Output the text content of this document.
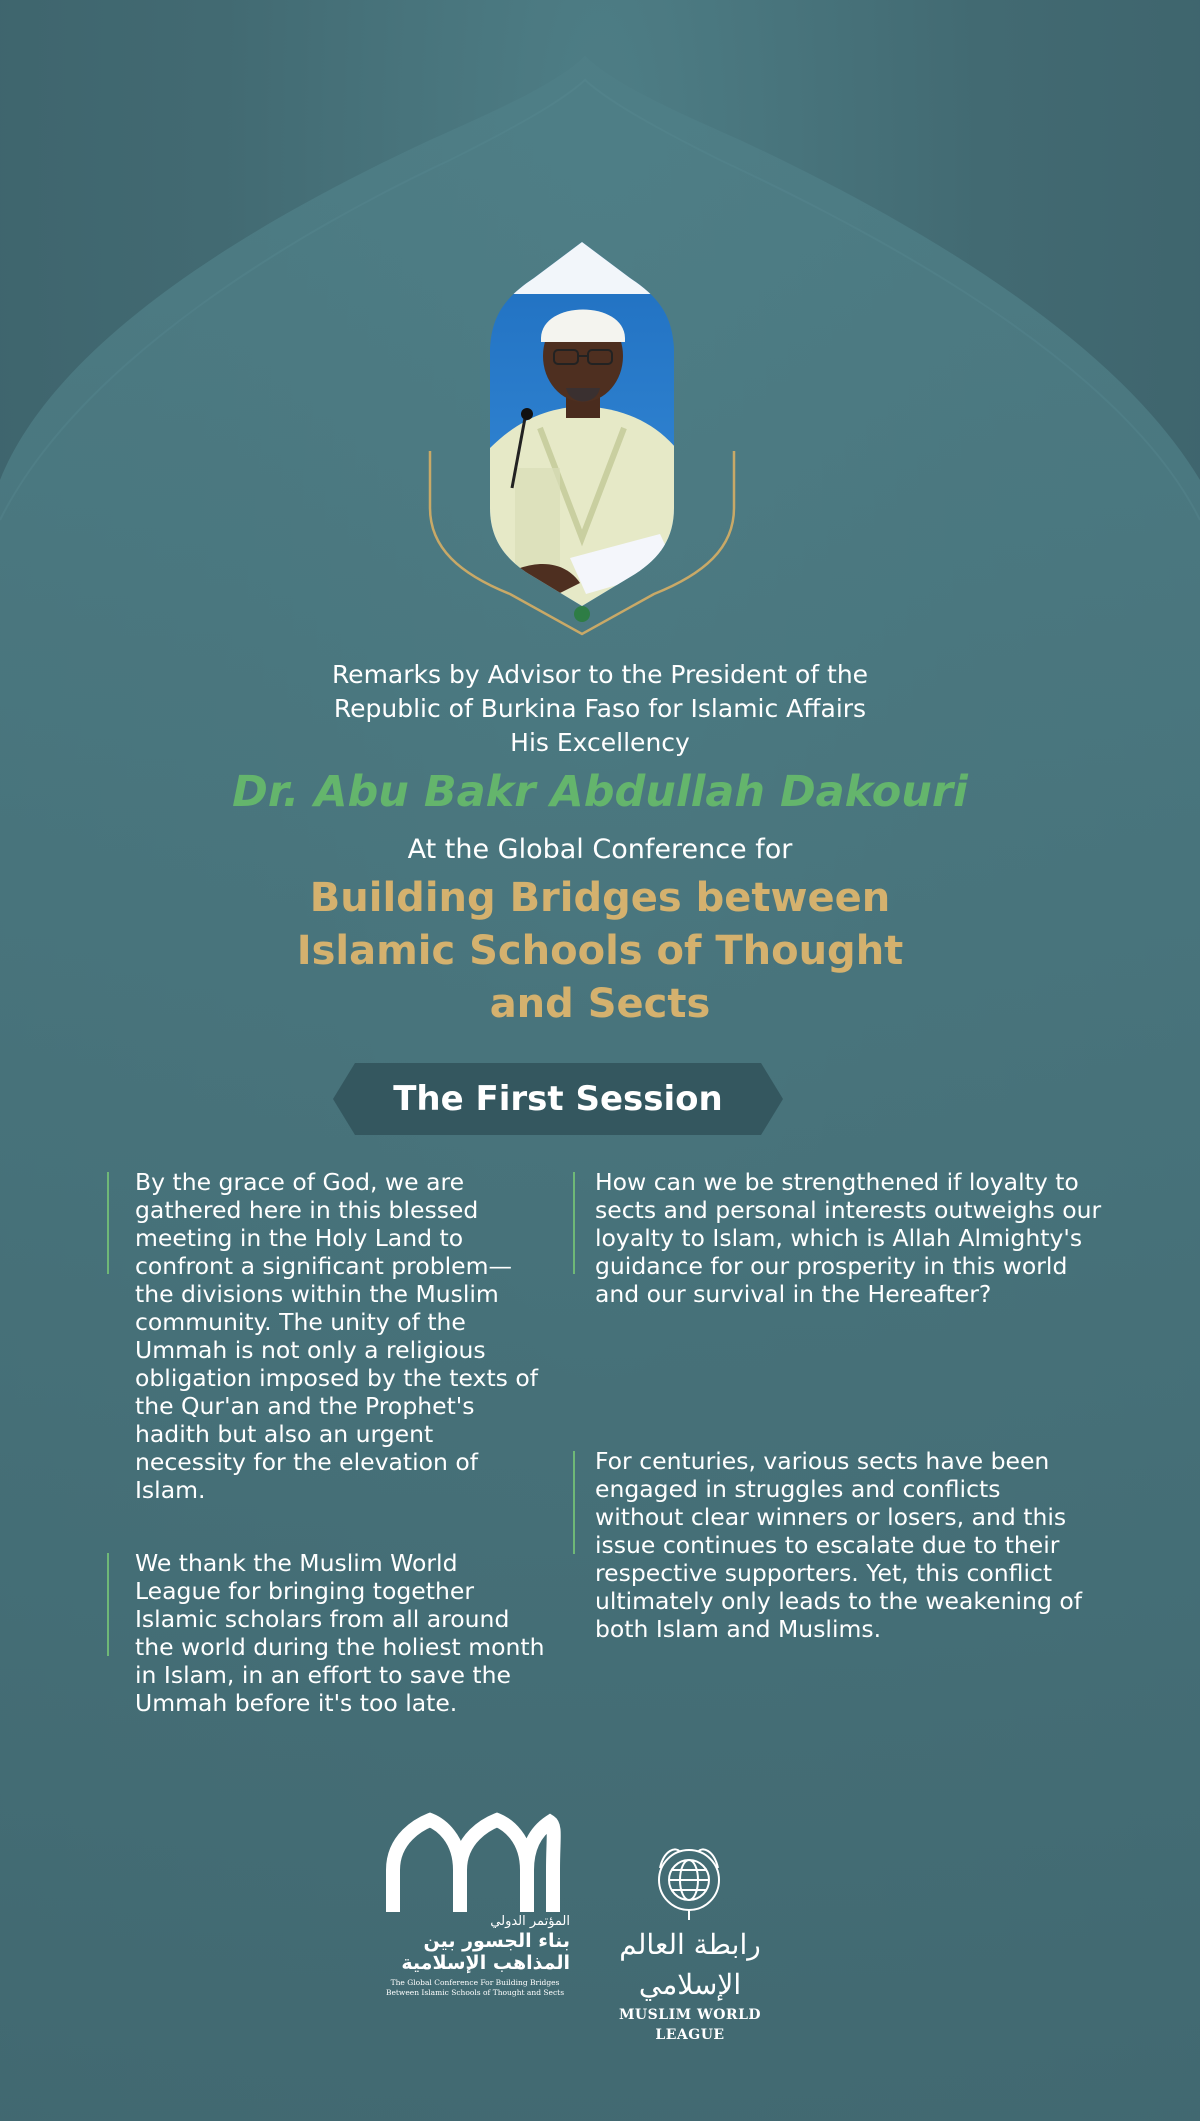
Remarks by Advisor to the President of the
Republic of Burkina Faso for Islamic Affairs
His Excellency
Dr. Abu Bakr Abdullah Dakouri
At the Global Conference for
Building Bridges between
Islamic Schools of Thought
and Sects
The First Session
By the grace of God, we are gathered here in this blessed meeting in the Holy Land to confront a significant problem—the divisions within the Muslim community. The unity of the Ummah is not only a religious obligation imposed by the texts of the Qur'an and the Prophet's hadith but also an urgent necessity for the elevation of Islam.
We thank the Muslim World League for bringing together Islamic scholars from all around the world during the holiest month in Islam, in an effort to save the Ummah before it's too late.
How can we be strengthened if loyalty to sects and personal interests outweighs our loyalty to Islam, which is Allah Almighty's guidance for our prosperity in this world and our survival in the Hereafter?
For centuries, various sects have been engaged in struggles and conflicts without clear winners or losers, and this issue continues to escalate due to their respective supporters. Yet, this conflict ultimately only leads to the weakening of both Islam and Muslims.
المؤتمر الدولي
بناء الجسور بين
المذاهب الإسلامية
The Global Conference For Building Bridges
Between Islamic Schools of Thought and Sects
رابطة العالم الإسلامي
MUSLIM WORLD LEAGUE
